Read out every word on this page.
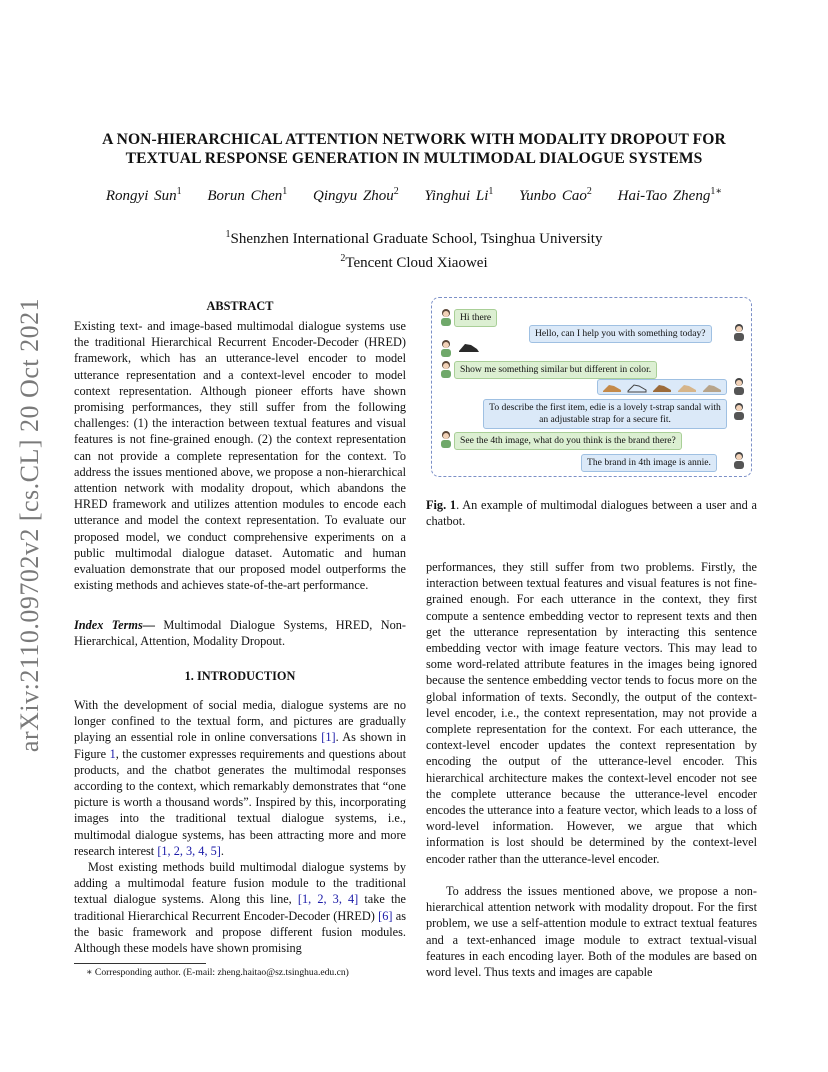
arXiv:2110.09702v2 [cs.CL] 20 Oct 2021
A NON-HIERARCHICAL ATTENTION NETWORK WITH MODALITY DROPOUT FOR
TEXTUAL RESPONSE GENERATION IN MULTIMODAL DIALOGUE SYSTEMS
Rongyi Sun$^1$ Borun Chen$^1$ Qingyu Zhou$^2$ Yinghui Li$^1$ Yunbo Cao$^2$ Hai-Tao Zheng$^{1∗}$
$^1$Shenzhen International Graduate School, Tsinghua University
$^2$Tencent Cloud Xiaowei
ABSTRACT
Existing text- and image-based multimodal dialogue systems use the traditional Hierarchical Recurrent Encoder-Decoder (HRED) framework, which has an utterance-level encoder to model utterance representation and a context-level encoder to model context representation. Although pioneer efforts have shown promising performances, they still suffer from the following challenges: (1) the interaction between textual features and visual features is not fine-grained enough. (2) the context representation can not provide a complete representation for the context. To address the issues mentioned above, we propose a non-hierarchical attention network with modality dropout, which abandons the HRED framework and utilizes attention modules to encode each utterance and model the context representation. To evaluate our proposed model, we conduct comprehensive experiments on a public multimodal dialogue dataset. Automatic and human evaluation demonstrate that our proposed model outperforms the existing methods and achieves state-of-the-art performance.
Index Terms— Multimodal Dialogue Systems, HRED, Non-Hierarchical, Attention, Modality Dropout.
1. INTRODUCTION

With the development of social media, dialogue systems are no longer confined to the textual form, and pictures are gradually playing an essential role in online conversations [1]. As shown in Figure 1, the customer expresses requirements and questions about products, and the chatbot generates the multimodal responses according to the context, which remarkably demonstrates that “one picture is worth a thousand words”. Inspired by this, incorporating images into the traditional textual dialogue systems, i.e., multimodal dialogue systems, has been attracting more and more research interest [1, 2, 3, 4, 5].

Most existing methods build multimodal dialogue systems by adding a multimodal feature fusion module to the traditional textual dialogue systems. Along this line, [1, 2, 3, 4] take the traditional Hierarchical Recurrent Encoder-Decoder (HRED) [6] as the basic framework and propose different fusion modules. Although these models have shown promising

∗ Corresponding author. (E-mail: zheng.haitao@sz.tsinghua.edu.cn)
Hi there
Hello, can I help you with something today?
Show me something similar but different in color.
To describe the first item, edie is a lovely t-strap sandal with an adjustable strap for a secure fit.
See the 4th image, what do you think is the brand there?
The brand in 4th image is annie.
Fig. 1. An example of multimodal dialogues between a user and a chatbot.
performances, they still suffer from two problems. Firstly, the interaction between textual features and visual features is not fine-grained enough. For each utterance in the context, they first compute a sentence embedding vector to represent texts and then get the utterance representation by interacting this sentence embedding vector with image feature vectors. This may lead to some word-related attribute features in the images being ignored because the sentence embedding vector tends to focus more on the global information of texts. Secondly, the output of the context-level encoder, i.e., the context representation, may not provide a complete representation for the context. For each utterance, the context-level encoder updates the context representation by encoding the output of the utterance-level encoder. This hierarchical architecture makes the context-level encoder not see the complete utterance because the utterance-level encoder encodes the utterance into a feature vector, which leads to a loss of word-level information. However, we argue that which information is lost should be determined by the context-level encoder rather than the utterance-level encoder.

To address the issues mentioned above, we propose a non-hierarchical attention network with modality dropout. For the first problem, we use a self-attention module to extract textual features and a text-enhanced image module to extract textual-visual features in each encoding layer. Both of the modules are based on word level. Thus texts and images are capable
